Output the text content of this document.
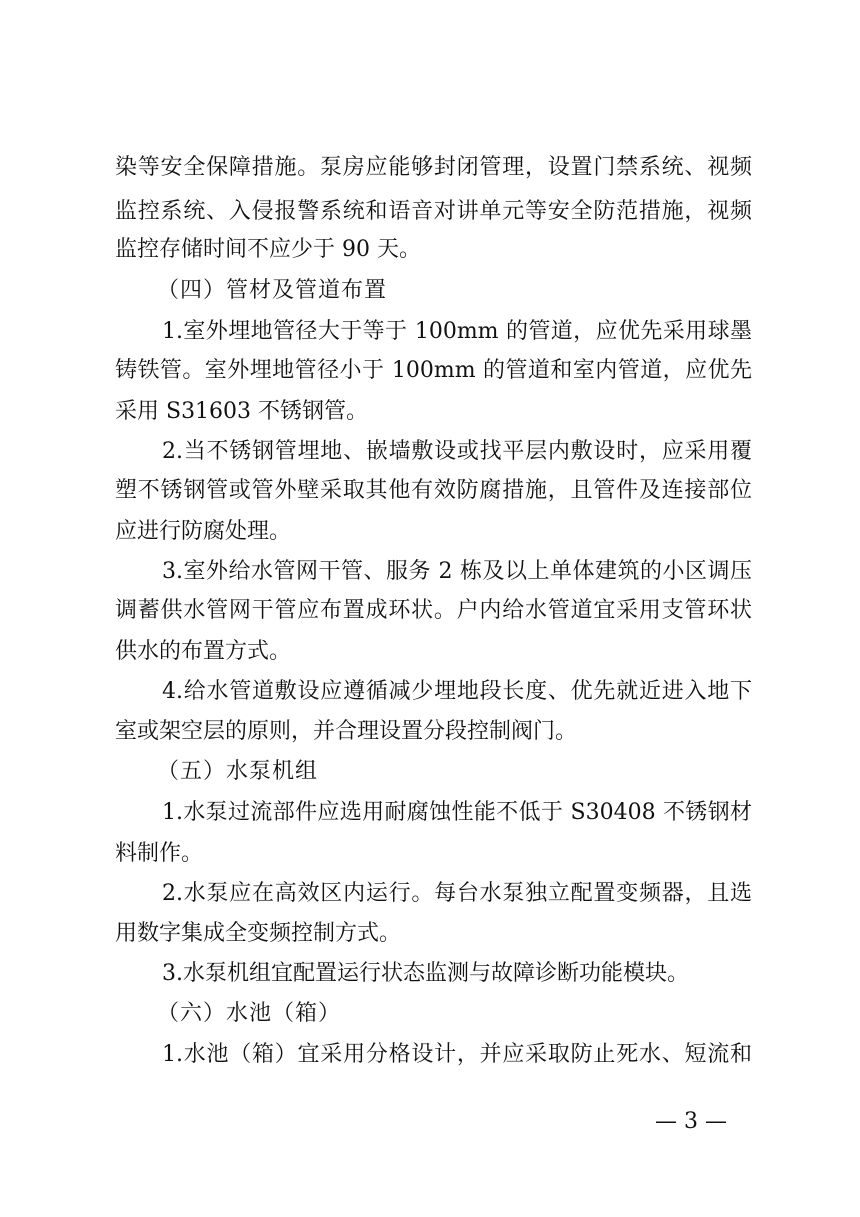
染等安全保障措施。泵房应能够封闭管理，设置门禁系统、视频
监控系统、入侵报警系统和语音对讲单元等安全防范措施，视频
监控存储时间不应少于 90 天。
（四）管材及管道布置
1.室外埋地管径大于等于 100mm 的管道，应优先采用球墨
铸铁管。室外埋地管径小于 100mm 的管道和室内管道，应优先
采用 S31603 不锈钢管。
2.当不锈钢管埋地、嵌墙敷设或找平层内敷设时，应采用覆
塑不锈钢管或管外壁采取其他有效防腐措施，且管件及连接部位
应进行防腐处理。
3.室外给水管网干管、服务 2 栋及以上单体建筑的小区调压
调蓄供水管网干管应布置成环状。户内给水管道宜采用支管环状
供水的布置方式。
4.给水管道敷设应遵循减少埋地段长度、优先就近进入地下
室或架空层的原则，并合理设置分段控制阀门。
（五）水泵机组
1.水泵过流部件应选用耐腐蚀性能不低于 S30408 不锈钢材
料制作。
2.水泵应在高效区内运行。每台水泵独立配置变频器，且选
用数字集成全变频控制方式。
3.水泵机组宜配置运行状态监测与故障诊断功能模块。
（六）水池（箱）
1.水池（箱）宜采用分格设计，并应采取防止死水、短流和
— 3 —
